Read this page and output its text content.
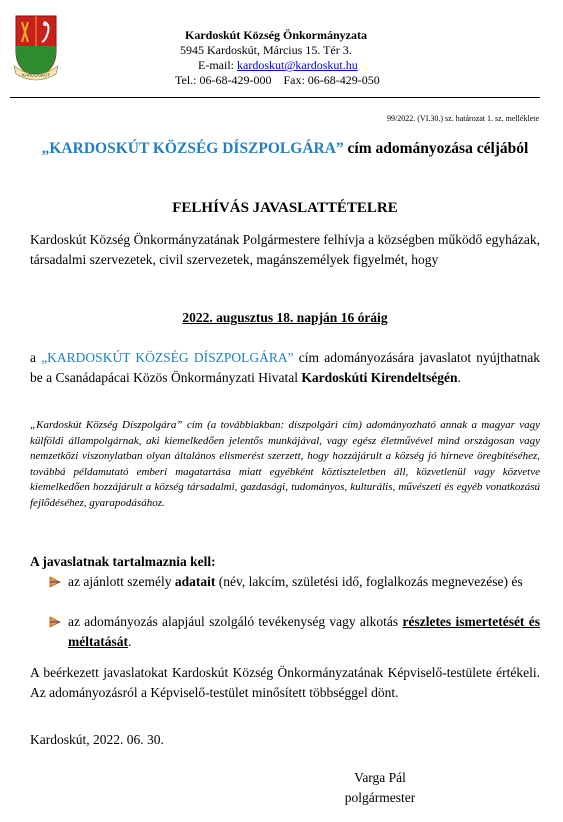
KARDOSKÚT
Kardoskút Község Önkormányzata
5945 Kardoskút, Március 15. Tér 3.
E-mail: kardoskut@kardoskut.hu
Tel.: 06-68-429-000    Fax: 06-68-429-050
99/2022. (VI.30.) sz. határozat 1. sz. melléklete
„KARDOSKÚT KÖZSÉG DÍSZPOLGÁRA” cím adományozása céljából
FELHÍVÁS JAVASLATTÉTELRE
Kardoskút Község Önkormányzatának Polgármestere felhívja a községben működő egyházak, társadalmi szervezetek, civil szervezetek, magánszemélyek figyelmét, hogy
2022. augusztus 18. napján 16 óráig
a „KARDOSKÚT KÖZSÉG DÍSZPOLGÁRA” cím adományozására javaslatot nyújthatnak be a Csanádapácai Közös Önkormányzati Hivatal Kardoskúti Kirendeltségén.
„Kardoskút Község Díszpolgára” cím (a továbbiakban: díszpolgári cím) adományozható annak a magyar vagy külföldi állampolgárnak, aki kiemelkedően jelentős munkájával, vagy egész életművével mind országosan vagy nemzetközi viszonylatban olyan általános elismerést szerzett, hogy hozzájárult a község jó hírneve öregbítéséhez, továbbá példamutató emberi magatartása miatt egyébként köztiszteletben áll, közvetlenül vagy közvetve kiemelkedően hozzájárult a község társadalmi, gazdasági, tudományos, kulturális, művészeti és egyéb vonatkozású fejlődéséhez, gyarapodásához.
A javaslatnak tartalmaznia kell:
az ajánlott személy adatait (név, lakcím, születési idő, foglalkozás megnevezése) és
az adományozás alapjául szolgáló tevékenység vagy alkotás részletes ismertetését és méltatását.
A beérkezett javaslatokat Kardoskút Község Önkormányzatának Képviselő-testülete értékeli. Az adományozásról a Képviselő-testület minősített többséggel dönt.
Kardoskút, 2022. 06. 30.
Varga Pál
polgármester
